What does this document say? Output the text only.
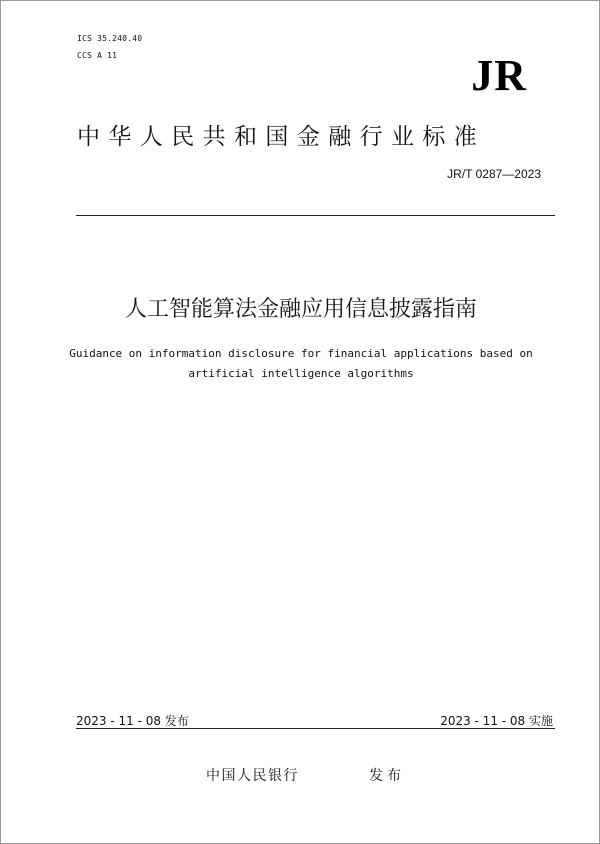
ICS 35.240.40
CCS A 11	JR
中华人民共和国金融行业标准
JR/T 0287—2023
人工智能算法金融应用信息披露指南
Guidance on information disclosure for financial applications based on
artificial intelligence algorithms
2023 - 11 - 08 发布	2023 - 11 - 08 实施
中国人民银行	发布
